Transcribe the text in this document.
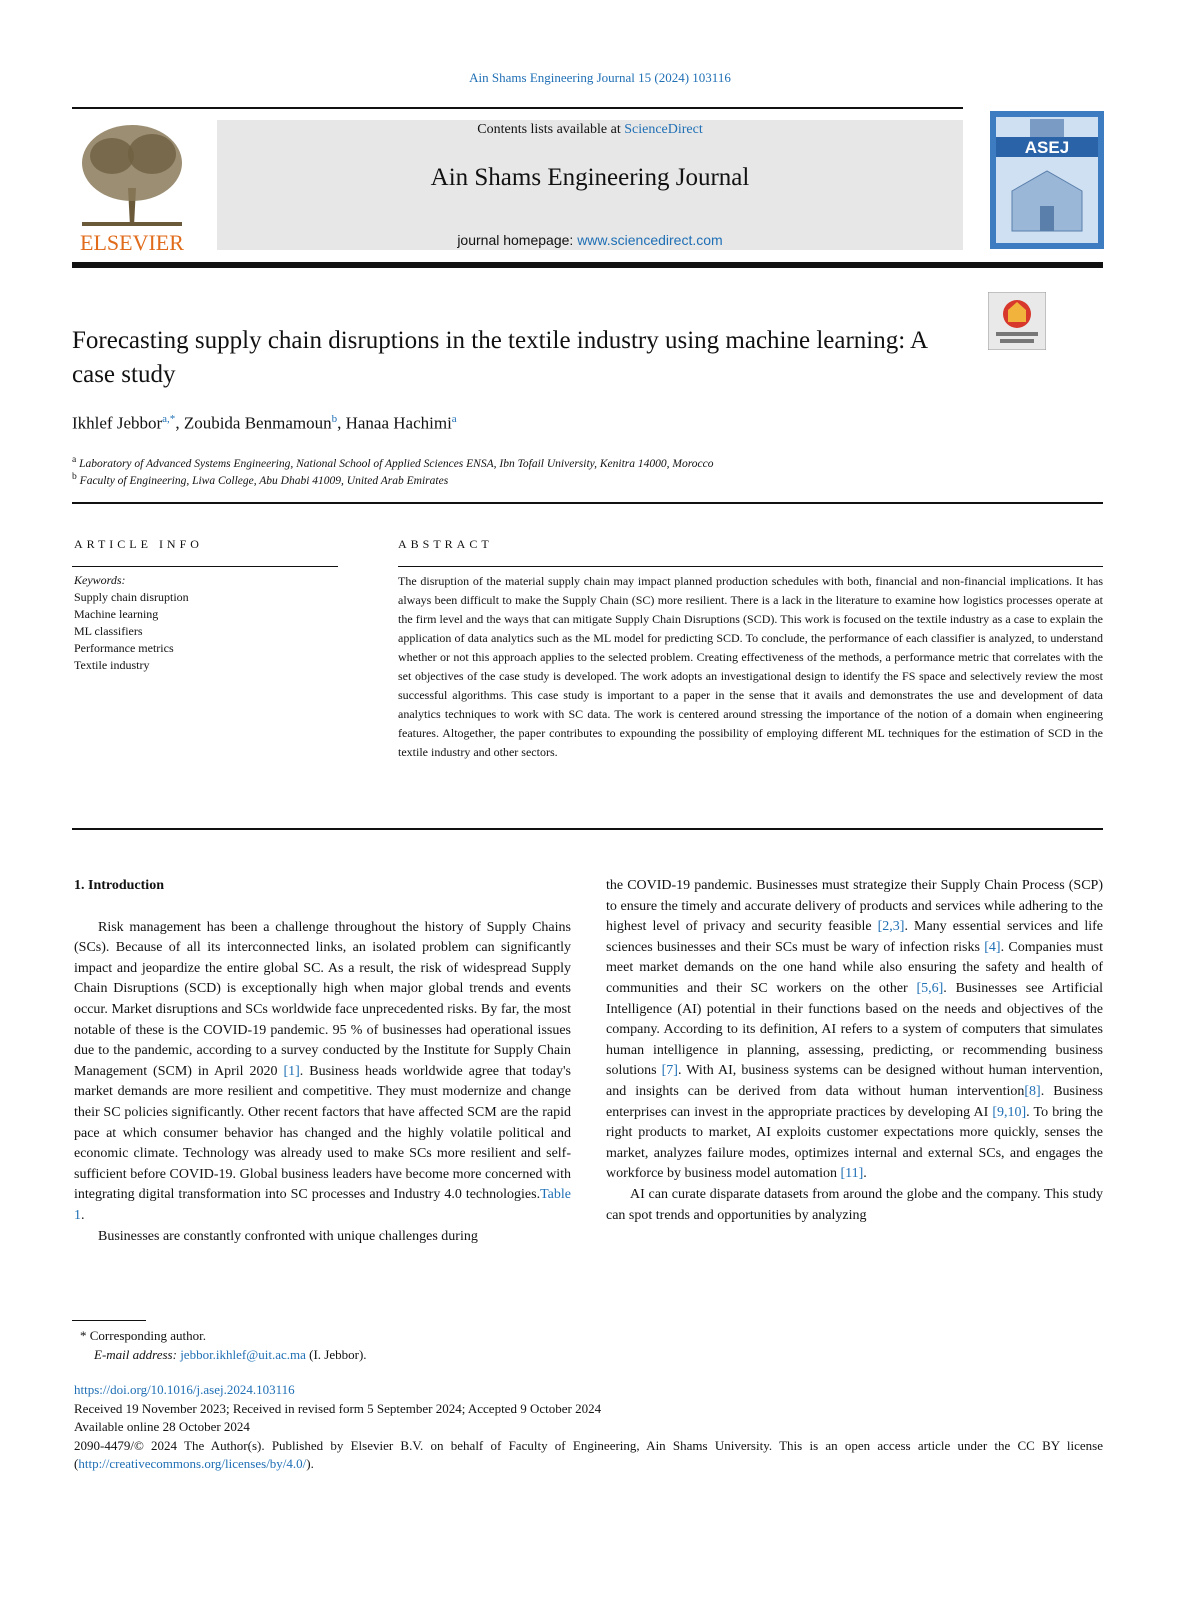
Ain Shams Engineering Journal 15 (2024) 103116
ELSEVIER
Contents lists available at ScienceDirect
Ain Shams Engineering Journal
journal homepage: www.sciencedirect.com
ASEJ
Forecasting supply chain disruptions in the textile industry using machine learning: A case study
Ikhlef Jebbor$^{a,*}$, Zoubida Benmamoun$^b$, Hanaa Hachimi$^a$
$^a$ Laboratory of Advanced Systems Engineering, National School of Applied Sciences ENSA, Ibn Tofail University, Kenitra 14000, Morocco
$^b$ Faculty of Engineering, Liwa College, Abu Dhabi 41009, United Arab Emirates
ARTICLE INFO	ABSTRACT
Keywords:
Supply chain disruption
Machine learning
ML classifiers
Performance metrics
Textile industry
The disruption of the material supply chain may impact planned production schedules with both, financial and non-financial implications. It has always been difficult to make the Supply Chain (SC) more resilient. There is a lack in the literature to examine how logistics processes operate at the firm level and the ways that can mitigate Supply Chain Disruptions (SCD). This work is focused on the textile industry as a case to explain the application of data analytics such as the ML model for predicting SCD. To conclude, the performance of each classifier is analyzed, to understand whether or not this approach applies to the selected problem. Creating effectiveness of the methods, a performance metric that correlates with the set objectives of the case study is developed. The work adopts an investigational design to identify the FS space and selectively review the most successful algorithms. This case study is important to a paper in the sense that it avails and demonstrates the use and development of data analytics techniques to work with SC data. The work is centered around stressing the importance of the notion of a domain when engineering features. Altogether, the paper contributes to expounding the possibility of employing different ML techniques for the estimation of SCD in the textile industry and other sectors.

1. Introduction

Risk management has been a challenge throughout the history of Supply Chains (SCs). Because of all its interconnected links, an isolated problem can significantly impact and jeopardize the entire global SC. As a result, the risk of widespread Supply Chain Disruptions (SCD) is exceptionally high when major global trends and events occur. Market disruptions and SCs worldwide face unprecedented risks. By far, the most notable of these is the COVID-19 pandemic. 95 % of businesses had operational issues due to the pandemic, according to a survey conducted by the Institute for Supply Chain Management (SCM) in April 2020 [1]. Business heads worldwide agree that today's market demands are more resilient and competitive. They must modernize and change their SC policies significantly. Other recent factors that have affected SCM are the rapid pace at which consumer behavior has changed and the highly volatile political and economic climate. Technology was already used to make SCs more resilient and self-sufficient before COVID-19. Global business leaders have become more concerned with integrating digital transformation into SC processes and Industry 4.0 technologies.Table 1.

Businesses are constantly confronted with unique challenges during

the COVID-19 pandemic. Businesses must strategize their Supply Chain Process (SCP) to ensure the timely and accurate delivery of products and services while adhering to the highest level of privacy and security feasible [2,3]. Many essential services and life sciences businesses and their SCs must be wary of infection risks [4]. Companies must meet market demands on the one hand while also ensuring the safety and health of communities and their SC workers on the other [5,6]. Businesses see Artificial Intelligence (AI) potential in their functions based on the needs and objectives of the company. According to its definition, AI refers to a system of computers that simulates human intelligence in planning, assessing, predicting, or recommending business solutions [7]. With AI, business systems can be designed without human intervention, and insights can be derived from data without human intervention[8]. Business enterprises can invest in the appropriate practices by developing AI [9,10]. To bring the right products to market, AI exploits customer expectations more quickly, senses the market, analyzes failure modes, optimizes internal and external SCs, and engages the workforce by business model automation [11].

AI can curate disparate datasets from around the globe and the company. This study can spot trends and opportunities by analyzing

* Corresponding author.
E-mail address: jebbor.ikhlef@uit.ac.ma (I. Jebbor).
https://doi.org/10.1016/j.asej.2024.103116
Received 19 November 2023; Received in revised form 5 September 2024; Accepted 9 October 2024
Available online 28 October 2024
2090-4479/© 2024 The Author(s). Published by Elsevier B.V. on behalf of Faculty of Engineering, Ain Shams University. This is an open access article under the CC BY license (http://creativecommons.org/licenses/by/4.0/).
